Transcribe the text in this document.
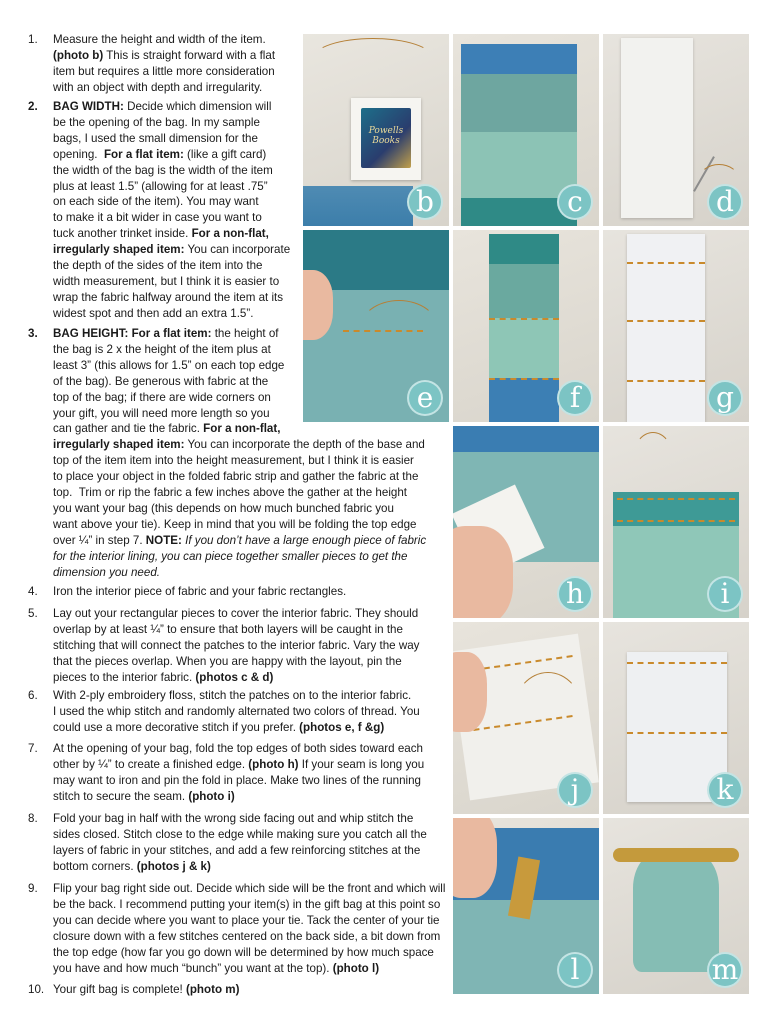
1.	Measure the height and width of the item.
(photo b) This is straight forward with a flat
item but requires a little more consideration
with an object with depth and irregularity.
2.	BAG WIDTH: Decide which dimension will
be the opening of the bag. In my sample
bags, I used the small dimension for the
opening.  For a flat item: (like a gift card)
the width of the bag is the width of the item
plus at least 1.5” (allowing for at least .75”
on each side of the item). You may want
to make it a bit wider in case you want to
tuck another trinket inside. For a non-flat,
irregularly shaped item: You can incorporate
the depth of the sides of the item into the
width measurement, but I think it is easier to
wrap the fabric halfway around the item at its
widest spot and then add an extra 1.5”.
3.	BAG HEIGHT: For a flat item: the height of
the bag is 2 x the height of the item plus at
least 3” (this allows for 1.5” on each top edge
of the bag). Be generous with fabric at the
top of the bag; if there are wide corners on
your gift, you will need more length so you
can gather and tie the fabric. For a non-flat,
irregularly shaped item: You can incorporate the depth of the base and
top of the item item into the height measurement, but I think it is easier
to place your object in the folded fabric strip and gather the fabric at the
top.  Trim or rip the fabric a few inches above the gather at the height
you want your bag (this depends on how much bunched fabric you
want above your tie). Keep in mind that you will be folding the top edge
over ¼” in step 7. NOTE: If you don’t have a large enough piece of fabric
for the interior lining, you can piece together smaller pieces to get the
dimension you need.
4.	Iron the interior piece of fabric and your fabric rectangles.
5.	Lay out your rectangular pieces to cover the interior fabric. They should
overlap by at least ¼” to ensure that both layers will be caught in the
stitching that will connect the patches to the interior fabric. Vary the way
that the pieces overlap. When you are happy with the layout, pin the
pieces to the interior fabric. (photos c & d)
6.	With 2-ply embroidery floss, stitch the patches on to the interior fabric.
I used the whip stitch and randomly alternated two colors of thread. You
could use a more decorative stitch if you prefer. (photos e, f &g)
7.	At the opening of your bag, fold the top edges of both sides toward each
other by ¼” to create a finished edge. (photo h) If your seam is long you
may want to iron and pin the fold in place. Make two lines of the running
stitch to secure the seam. (photo i)
8.	Fold your bag in half with the wrong side facing out and whip stitch the
sides closed. Stitch close to the edge while making sure you catch all the
layers of fabric in your stitches, and add a few reinforcing stitches at the
bottom corners. (photos j & k)
9.	Flip your bag right side out. Decide which side will be the front and which will
be the back. I recommend putting your item(s) in the gift bag at this point so
you can decide where you want to place your tie. Tack the center of your tie
closure down with a few stitches centered on the back side, a bit down from
the top edge (how far you go down will be determined by how much space
you have and how much “bunch” you want at the top). (photo l)
10. Your gift bag is complete! (photo m)
Powells Books
b	c	d
e	f	g
h	i
j	k
l	m
